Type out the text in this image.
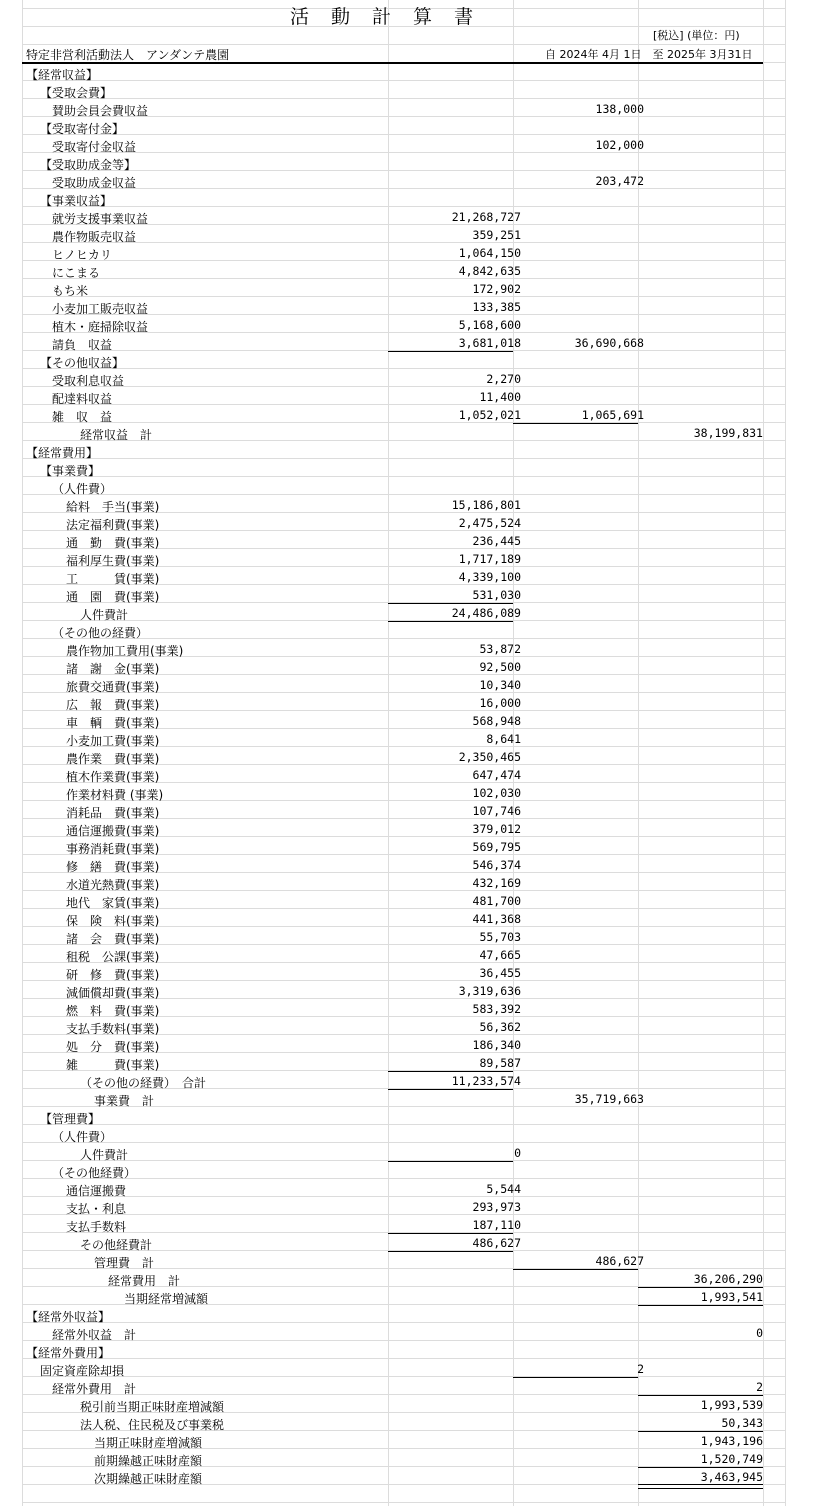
活動計算書
[税込] (単位：円)
特定非営利活動法人　アンダンテ農園	自 2024年 4月 1日　至 2025年 3月31日
【経常収益】
【受取会費】
賛助会員会費収益	138,000
【受取寄付金】
受取寄付金収益	102,000
【受取助成金等】
受取助成金収益	203,472
【事業収益】
就労支援事業収益	21,268,727
農作物販売収益	359,251
ヒノヒカリ	1,064,150
にこまる	4,842,635
もち米	172,902
小麦加工販売収益	133,385
植木・庭掃除収益	5,168,600
請負　収益	3,681,018	36,690,668
【その他収益】
受取利息収益	2,270
配達料収益	11,400
雑　収　益	1,052,021	1,065,691
経常収益　計	38,199,831
【経常費用】
【事業費】
（人件費）
給料　手当(事業)	15,186,801
法定福利費(事業)	2,475,524
通　勤　費(事業)	236,445
福利厚生費(事業)	1,717,189
工　　　賃(事業)	4,339,100
通　園　費(事業)	531,030
人件費計	24,486,089
（その他の経費）
農作物加工費用(事業)	53,872
諸　謝　金(事業)	92,500
旅費交通費(事業)	10,340
広　報　費(事業)	16,000
車　輌　費(事業)	568,948
小麦加工費(事業)	8,641
農作業　費(事業)	2,350,465
植木作業費(事業)	647,474
作業材料費 (事業)	102,030
消耗品　費(事業)	107,746
通信運搬費(事業)	379,012
事務消耗費(事業)	569,795
修　繕　費(事業)	546,374
水道光熱費(事業)	432,169
地代　家賃(事業)	481,700
保　険　料(事業)	441,368
諸　会　費(事業)	55,703
租税　公課(事業)	47,665
研　修　費(事業)	36,455
減価償却費(事業)	3,319,636
燃　料　費(事業)	583,392
支払手数料(事業)	56,362
処　分　費(事業)	186,340
雑　　　費(事業)	89,587
（その他の経費）　合計	11,233,574
事業費　計	35,719,663
【管理費】
（人件費）
人件費計	0
（その他経費）
通信運搬費	5,544
支払・利息	293,973
支払手数料	187,110
その他経費計	486,627
管理費　計	486,627
経常費用　計	36,206,290
当期経常増減額	1,993,541
【経常外収益】
経常外収益　計	0
【経常外費用】
固定資産除却損	2
経常外費用　計	2
税引前当期正味財産増減額	1,993,539
法人税、住民税及び事業税	50,343
当期正味財産増減額	1,943,196
前期繰越正味財産額	1,520,749
次期繰越正味財産額	3,463,945
